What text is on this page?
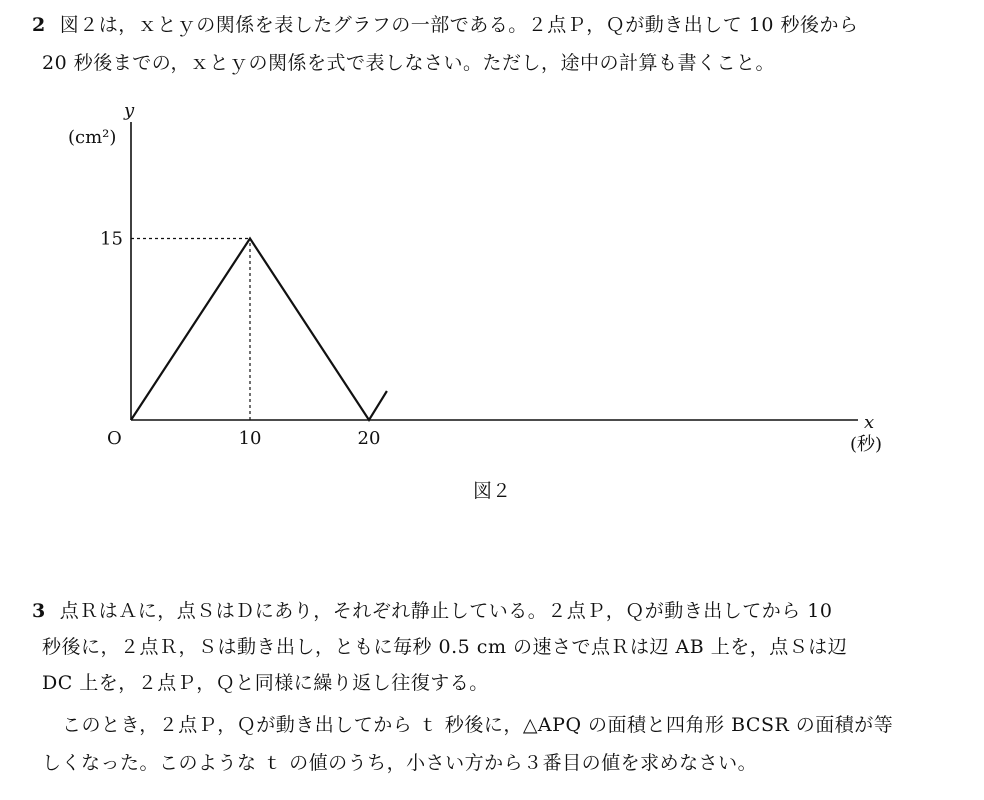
2 図２は，ｘとｙの関係を表したグラフの一部である。２点Ｐ，Ｑが動き出して 10 秒後から
20 秒後までの，ｘとｙの関係を式で表しなさい。ただし，途中の計算も書くこと。
y
(cm²)
x
(秒)
O
15
10	20
図２
3 点ＲはＡに，点ＳはＤにあり，それぞれ静止している。２点Ｐ，Ｑが動き出してから 10
秒後に，２点Ｒ，Ｓは動き出し，ともに毎秒 0.5 cm の速さで点Ｒは辺 AB 上を，点Ｓは辺
DC 上を，２点Ｐ，Ｑと同様に繰り返し往復する。
このとき，２点Ｐ，Ｑが動き出してから ｔ 秒後に，△APQ の面積と四角形 BCSR の面積が等
しくなった。このような ｔ の値のうち，小さい方から３番目の値を求めなさい。
